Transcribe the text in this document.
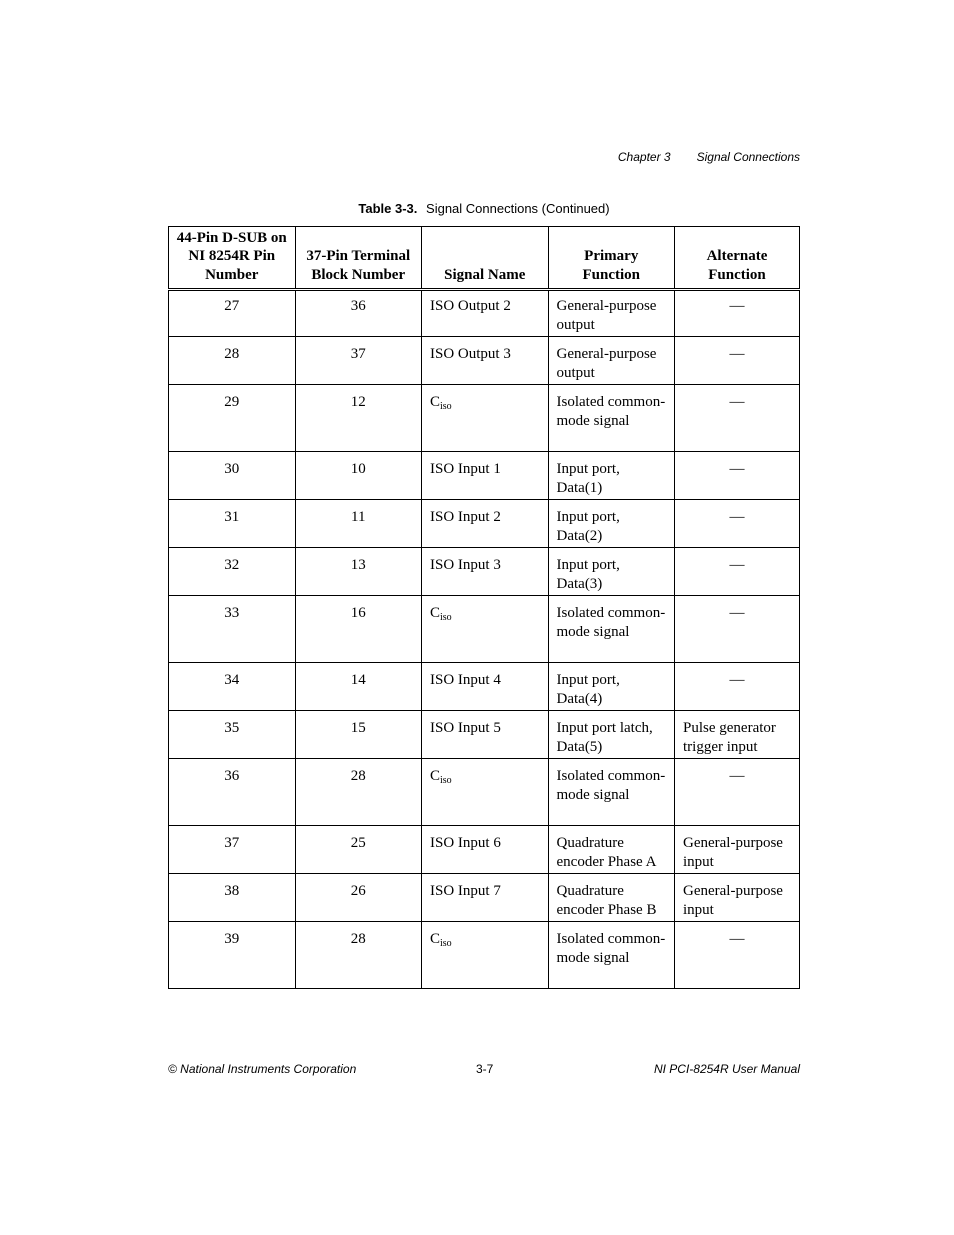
Chapter 3 Signal Connections
Table 3-3. Signal Connections (Continued)
44-Pin D-SUB on NI 8254R Pin Number	37-Pin Terminal Block Number	Signal Name	Primary Function	Alternate Function
27	36	ISO Output 2	General-purpose output	—
28	37	ISO Output 3	General-purpose output	—
29	12	$C_{iso}$	Isolated common-mode signal	—
30	10	ISO Input 1	Input port, Data(1)	—
31	11	ISO Input 2	Input port, Data(2)	—
32	13	ISO Input 3	Input port, Data(3)	—
33	16	$C_{iso}$	Isolated common-mode signal	—
34	14	ISO Input 4	Input port, Data(4)	—
35	15	ISO Input 5	Input port latch, Data(5)	Pulse generator trigger input
36	28	$C_{iso}$	Isolated common-mode signal	—
37	25	ISO Input 6	Quadrature encoder Phase A	General-purpose input
38	26	ISO Input 7	Quadrature encoder Phase B	General-purpose input
39	28	$C_{iso}$	Isolated common-mode signal	—
© National Instruments Corporation	3-7	NI PCI-8254R User Manual
